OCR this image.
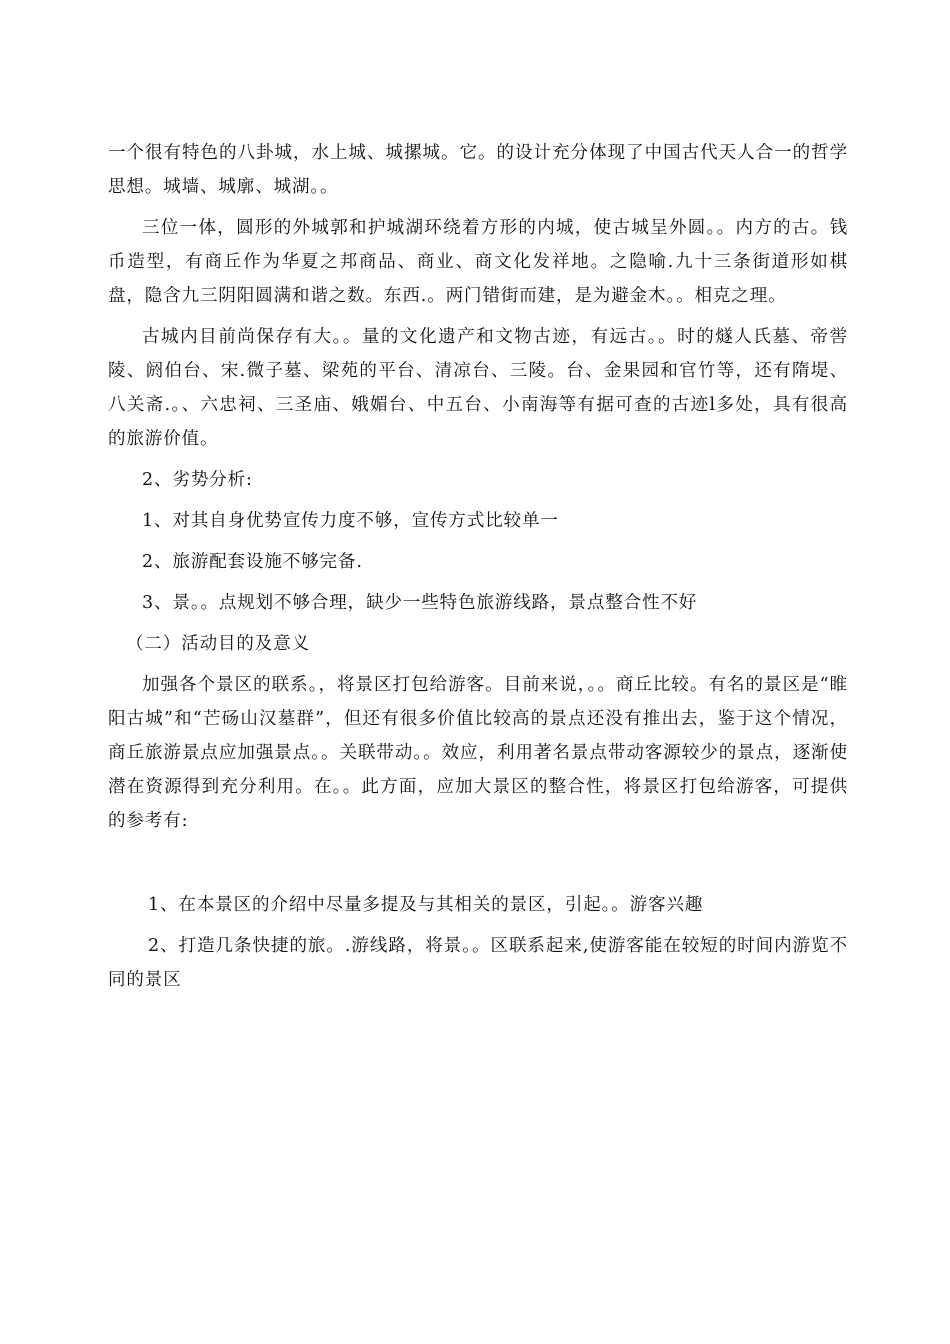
一个很有特色的八卦城，水上城、城摞城。它。的设计充分体现了中国古代天人合一的哲学思想。城墙、城廓、城湖。。

三位一体，圆形的外城郭和护城湖环绕着方形的内城，使古城呈外圆。。内方的古。钱币造型，有商丘作为华夏之邦商品、商业、商文化发祥地。之隐喻.九十三条街道形如棋盘，隐含九三阴阳圆满和谐之数。东西.。两门错街而建，是为避金木。。相克之理。

古城内目前尚保存有大。。量的文化遗产和文物古迹，有远古。。时的燧人氏墓、帝喾陵、阏伯台、宋.微子墓、梁苑的平台、清凉台、三陵。台、金果园和官竹等，还有隋堤、八关斋.。、六忠祠、三圣庙、娥媚台、中五台、小南海等有据可查的古迹l多处，具有很高的旅游价值。

2、劣势分析:

1、对其自身优势宣传力度不够，宣传方式比较单一

2、旅游配套设施不够完备.

3、景。。点规划不够合理，缺少一些特色旅游线路，景点整合性不好

（二）活动目的及意义

加强各个景区的联系。，将景区打包给游客。目前来说，。。商丘比较。有名的景区是“睢阳古城”和“芒砀山汉墓群”，但还有很多价值比较高的景点还没有推出去，鉴于这个情况，商丘旅游景点应加强景点。。关联带动。。效应，利用著名景点带动客源较少的景点，逐渐使潜在资源得到充分利用。在。。此方面，应加大景区的整合性，将景区打包给游客，可提供的参考有:

1、在本景区的介绍中尽量多提及与其相关的景区，引起。。游客兴趣

2、打造几条快捷的旅。.游线路，将景。。区联系起来,使游客能在较短的时间内游览不同的景区
